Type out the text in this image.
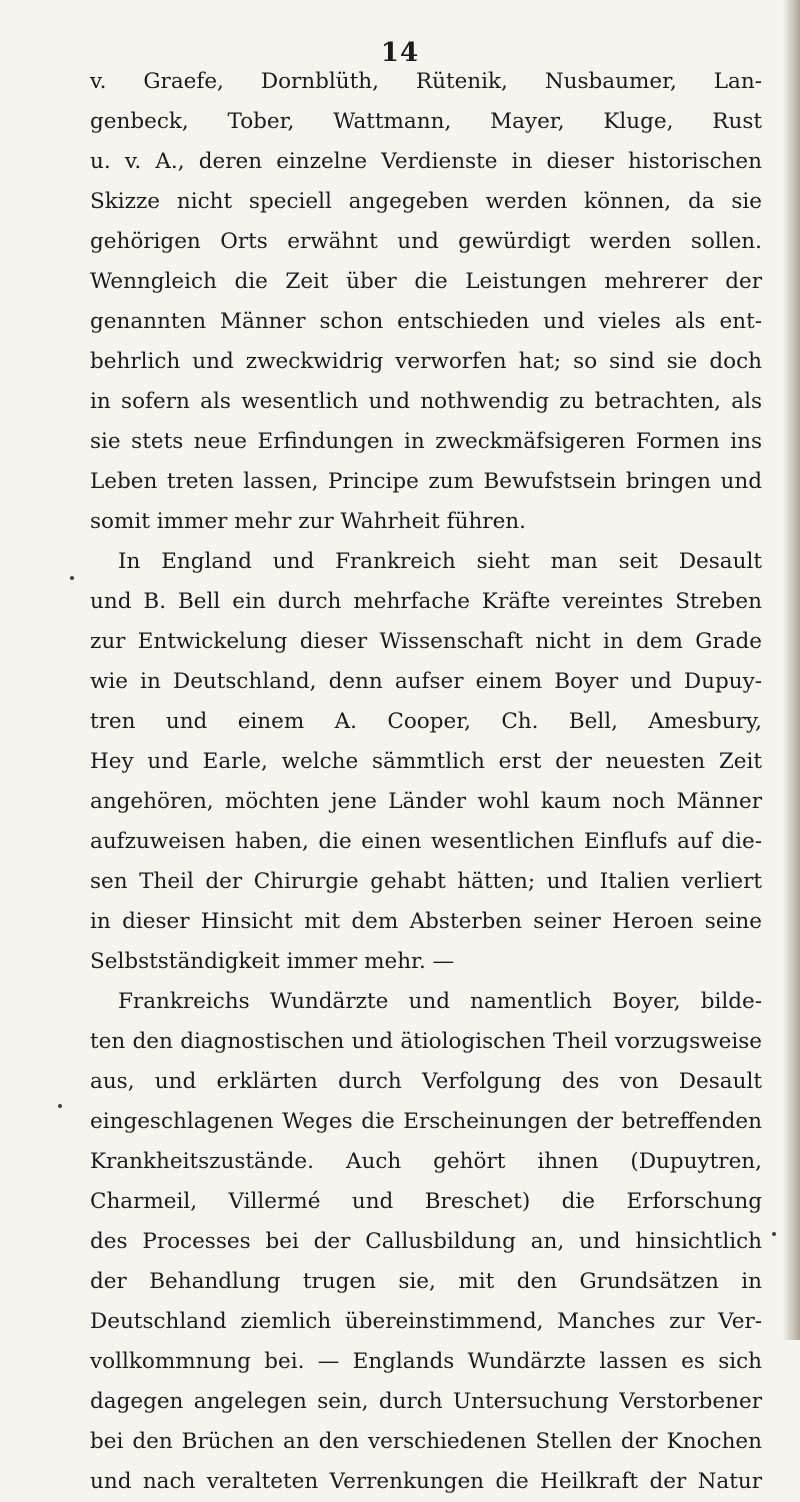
14
v. Graefe, Dornblüth, Rütenik, Nusbaumer, Lan-
genbeck, Tober, Wattmann, Mayer, Kluge, Rust
u. v. A., deren einzelne Verdienste in dieser historischen
Skizze nicht speciell angegeben werden können, da sie
gehörigen Orts erwähnt und gewürdigt werden sollen.
Wenngleich die Zeit über die Leistungen mehrerer der
genannten Männer schon entschieden und vieles als ent-
behrlich und zweckwidrig verworfen hat; so sind sie doch
in sofern als wesentlich und nothwendig zu betrachten, als
sie stets neue Erfindungen in zweckmäfsigeren Formen ins
Leben treten lassen, Principe zum Bewufstsein bringen und
somit immer mehr zur Wahrheit führen.
In England und Frankreich sieht man seit Desault
und B. Bell ein durch mehrfache Kräfte vereintes Streben
zur Entwickelung dieser Wissenschaft nicht in dem Grade
wie in Deutschland, denn aufser einem Boyer und Dupuy-
tren und einem A. Cooper, Ch. Bell, Amesbury,
Hey und Earle, welche sämmtlich erst der neuesten Zeit
angehören, möchten jene Länder wohl kaum noch Männer
aufzuweisen haben, die einen wesentlichen Einflufs auf die-
sen Theil der Chirurgie gehabt hätten; und Italien verliert
in dieser Hinsicht mit dem Absterben seiner Heroen seine
Selbstständigkeit immer mehr. —
Frankreichs Wundärzte und namentlich Boyer, bilde-
ten den diagnostischen und ätiologischen Theil vorzugsweise
aus, und erklärten durch Verfolgung des von Desault
eingeschlagenen Weges die Erscheinungen der betreffenden
Krankheitszustände. Auch gehört ihnen (Dupuytren,
Charmeil, Villermé und Breschet) die Erforschung
des Processes bei der Callusbildung an, und hinsichtlich
der Behandlung trugen sie, mit den Grundsätzen in
Deutschland ziemlich übereinstimmend, Manches zur Ver-
vollkommnung bei. — Englands Wundärzte lassen es sich
dagegen angelegen sein, durch Untersuchung Verstorbener
bei den Brüchen an den verschiedenen Stellen der Knochen
und nach veralteten Verrenkungen die Heilkraft der Natur
